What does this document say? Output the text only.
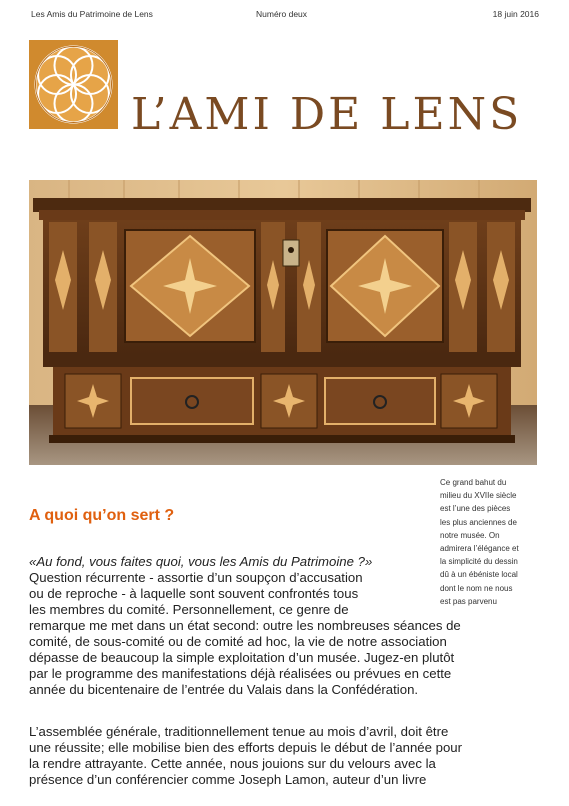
Les Amis du Patrimoine de Lens	Numéro deux	18 juin 2016
L’AMI DE LENS
Ce grand bahut du
milieu du XVIIe siècle
est l’une des pièces
les plus anciennes de
notre musée. On
admirera l’élégance et
la simplicité du dessin
dû à un ébéniste local
dont le nom ne nous
est pas parvenu
A quoi qu’on sert ?
«Au fond, vous faites quoi, vous les Amis du Patrimoine ?»
Question récurrente - assortie d’un soupçon d’accusation
ou de reproche - à laquelle sont souvent confrontés tous
les membres du comité. Personnellement, ce genre de
remarque me met dans un état second: outre les nombreuses séances de
comité, de sous-comité ou de comité ad hoc, la vie de notre association
dépasse de beaucoup la simple exploitation d’un musée. Jugez-en plutôt
par le programme des manifestations déjà réalisées ou prévues en cette
année du bicentenaire de l’entrée du Valais dans la Confédération.
L’assemblée générale, traditionnellement tenue au mois d’avril, doit être
une réussite; elle mobilise bien des efforts depuis le début de l’année pour
la rendre attrayante. Cette année, nous jouions sur du velours avec la
présence d’un conférencier comme Joseph Lamon, auteur d’un livre
